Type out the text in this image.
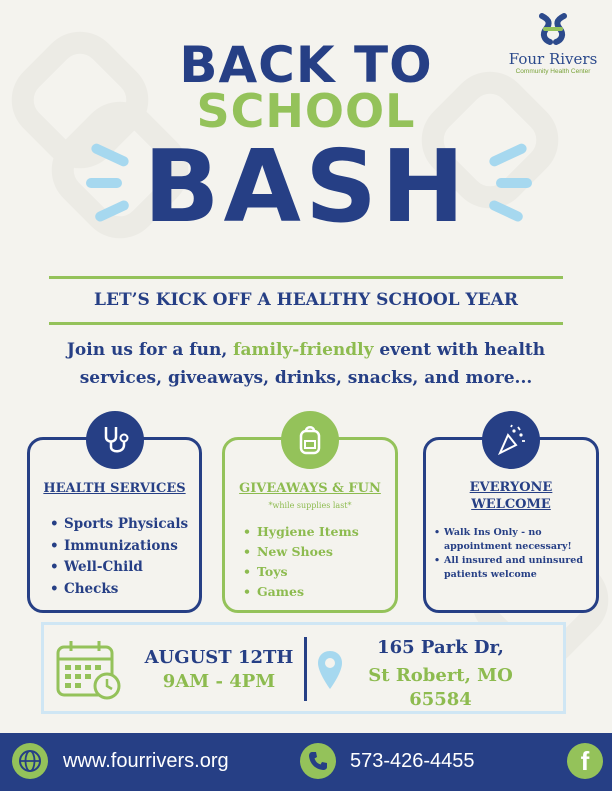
Four Rivers
Community Health Center
BACK TO
SCHOOL
BASH
LET’S KICK OFF A HEALTHY SCHOOL YEAR
Join us for a fun, family-friendly event with health services, giveaways, drinks, snacks, and more...
HEALTH SERVICES
• Sports Physicals
• Immunizations
• Well-Child
• Checks
GIVEAWAYS & FUN
*while supplies last*
• Hygiene Items
• New Shoes
• Toys
• Games
EVERYONE
WELCOME
• Walk Ins Only - no
appointment necessary!
• All insured and uninsured
patients welcome
AUGUST 12TH
9AM - 4PM
165 Park Dr,
St Robert, MO
65584
www.fourrivers.org	573-426-4455	f
